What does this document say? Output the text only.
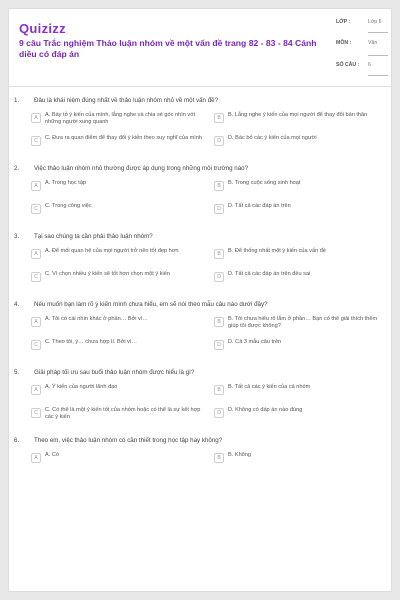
Quizizz
9 câu Trắc nghiệm Thảo luận nhóm về một vấn đề trang 82 - 83 - 84 Cánh diều có đáp án
LỚP :	Lớp 6
MÔN :	Văn
SỐ CÂU : 6
1.	Đâu là khái niệm đúng nhất về thảo luận nhóm nhỏ về một vấn đề?
A	A. Bày tỏ ý kiến của mình, lắng nghe và chia sẻ góc nhìn với những người xung quanh
B	B. Lắng nghe ý kiến của mọi người để thay đổi bản thân
C	C. Đưa ra quan điểm để thay đổi ý kiến theo suy nghĩ của mình	D	D. Bác bỏ các ý kiến của mọi người
2.	Việc thảo luận nhóm nhỏ thường được áp dụng trong những môi trường nào?
A	A. Trong học tập	B	B. Trong cuộc sống sinh hoạt
C	C. Trong công việc	D	D. Tất cả các đáp án trên
3.	Tại sao chúng ta cần phải thảo luận nhóm?
A	A. Để mối quan hệ của mọi người trở nên tốt đẹp hơn	B	B. Để thống nhất một ý kiến của vấn đề
C	C. Vì chọn nhiều ý kiến sẽ tốt hơn chọn một ý kiến	D	D. Tất cả các đáp án trên đều sai
4.	Nếu muốn bạn làm rõ ý kiến mình chưa hiểu, em sẽ nói theo mẫu câu nào dưới đây?
A	A. Tôi có cái nhìn khác ở phần… Bởi vì…	B	B. Tôi chưa hiểu rõ lắm ở phần… Bạn có thể giải thích thêm giúp tôi được không?
C	C. Theo tôi, ý… chưa hợp lí. Bởi vì…	D	D. Cả 3 mẫu câu trên
5.	Giải pháp tối ưu sau buổi thảo luận nhóm được hiểu là gì?
A	A. Ý kiến của người lãnh đạo	B	B. Tất cả các ý kiến của cả nhóm
C	C. Có thể là một ý kiến tốt của nhóm hoặc có thể là sự kết hợp các ý kiến
D	D. Không có đáp án nào đúng
6.	Theo em, việc thảo luận nhóm có cần thiết trong học tập hay không?
A	A. Có	B	B. Không
